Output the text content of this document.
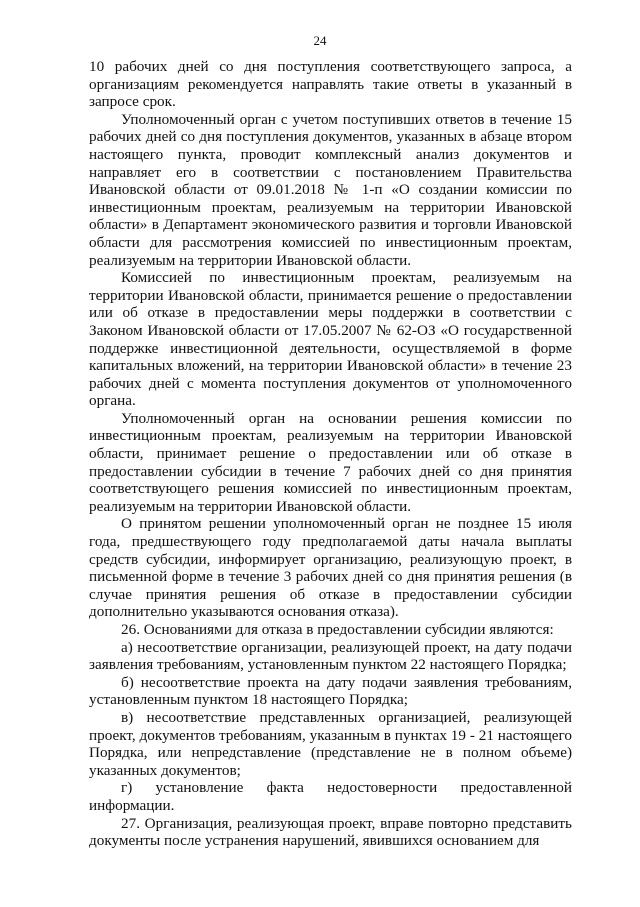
24

10 рабочих дней со дня поступления соответствующего запроса, а организациям рекомендуется направлять такие ответы в указанный в запросе срок.

Уполномоченный орган с учетом поступивших ответов в течение 15 рабочих дней со дня поступления документов, указанных в абзаце втором настоящего пункта, проводит комплексный анализ документов и направляет его в соответствии с постановлением Правительства Ивановской области от 09.01.2018 № 1-п «О создании комиссии по инвестиционным проектам, реализуемым на территории Ивановской области» в Департамент экономического развития и торговли Ивановской области для рассмотрения комиссией по инвестиционным проектам, реализуемым на территории Ивановской области.

Комиссией по инвестиционным проектам, реализуемым на территории Ивановской области, принимается решение о предоставлении или об отказе в предоставлении меры поддержки в соответствии с Законом Ивановской области от 17.05.2007 № 62-ОЗ «О государственной поддержке инвестиционной деятельности, осуществляемой в форме капитальных вложений, на территории Ивановской области» в течение 23 рабочих дней с момента поступления документов от уполномоченного органа.

Уполномоченный орган на основании решения комиссии по инвестиционным проектам, реализуемым на территории Ивановской области, принимает решение о предоставлении или об отказе в предоставлении субсидии в течение 7 рабочих дней со дня принятия соответствующего решения комиссией по инвестиционным проектам, реализуемым на территории Ивановской области.

О принятом решении уполномоченный орган не позднее 15 июля года, предшествующего году предполагаемой даты начала выплаты средств субсидии, информирует организацию, реализующую проект, в письменной форме в течение 3 рабочих дней со дня принятия решения (в случае принятия решения об отказе в предоставлении субсидии дополнительно указываются основания отказа).

26. Основаниями для отказа в предоставлении субсидии являются:

а) несоответствие организации, реализующей проект, на дату подачи заявления требованиям, установленным пунктом 22 настоящего Порядка;

б) несоответствие проекта на дату подачи заявления требованиям, установленным пунктом 18 настоящего Порядка;

в) несоответствие представленных организацией, реализующей проект, документов требованиям, указанным в пунктах 19 - 21 настоящего Порядка, или непредставление (представление не в полном объеме) указанных документов;

г) установление факта недостоверности предоставленной информации.

27. Организация, реализующая проект, вправе повторно представить документы после устранения нарушений, явившихся основанием для
